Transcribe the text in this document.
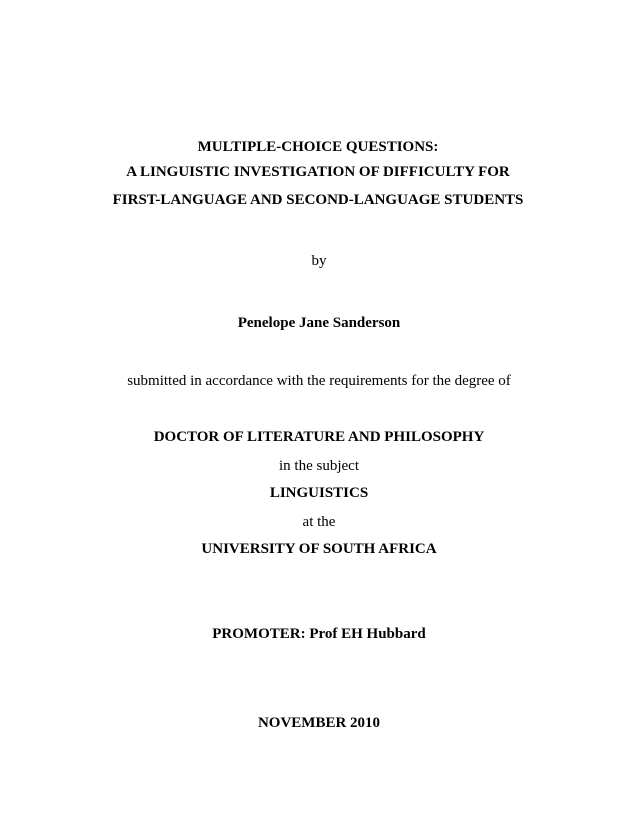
MULTIPLE-CHOICE QUESTIONS:
A LINGUISTIC INVESTIGATION OF DIFFICULTY FOR
FIRST-LANGUAGE AND SECOND-LANGUAGE STUDENTS
by
Penelope Jane Sanderson
submitted in accordance with the requirements for the degree of
DOCTOR OF LITERATURE AND PHILOSOPHY
in the subject
LINGUISTICS
at the
UNIVERSITY OF SOUTH AFRICA
PROMOTER: Prof EH Hubbard
NOVEMBER 2010
